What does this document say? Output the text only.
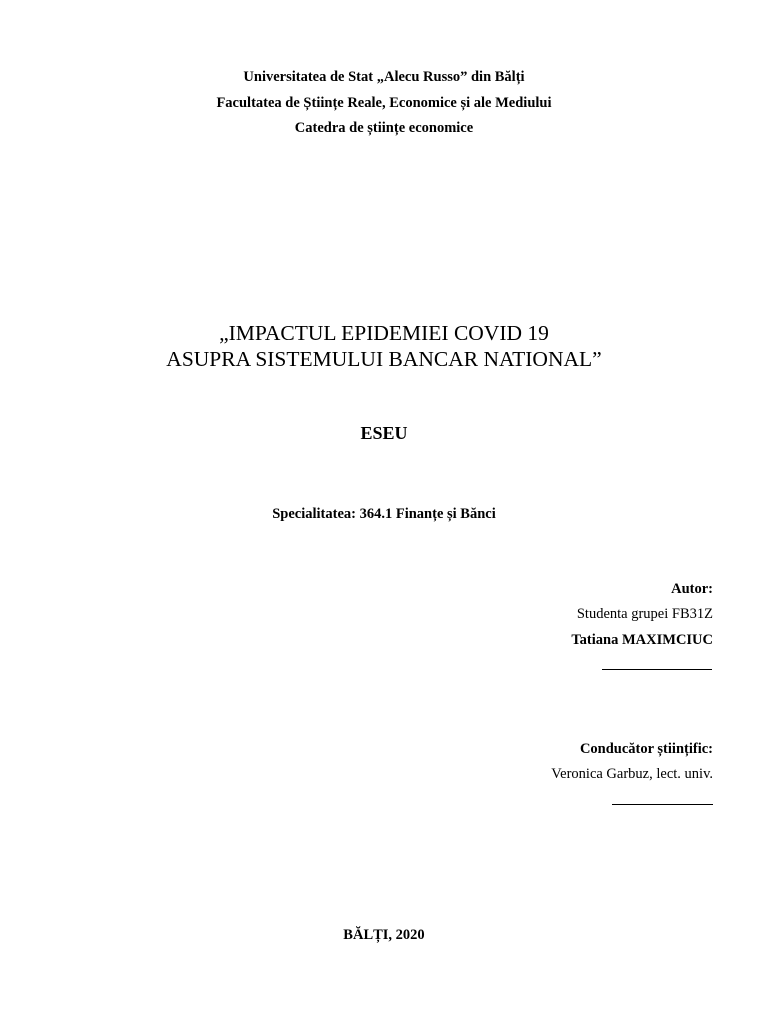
Universitatea de Stat „Alecu Russo” din Bălți
Facultatea de Științe Reale, Economice și ale Mediului
Catedra de științe economice
„IMPACTUL EPIDEMIEI COVID 19
ASUPRA SISTEMULUI BANCAR NATIONAL”
ESEU
Specialitatea: 364.1 Finanțe și Bănci
Autor:
Studenta grupei FB31Z
Tatiana MAXIMCIUC
Conducător științific:
Veronica Garbuz, lect. univ.
BĂLȚI, 2020
